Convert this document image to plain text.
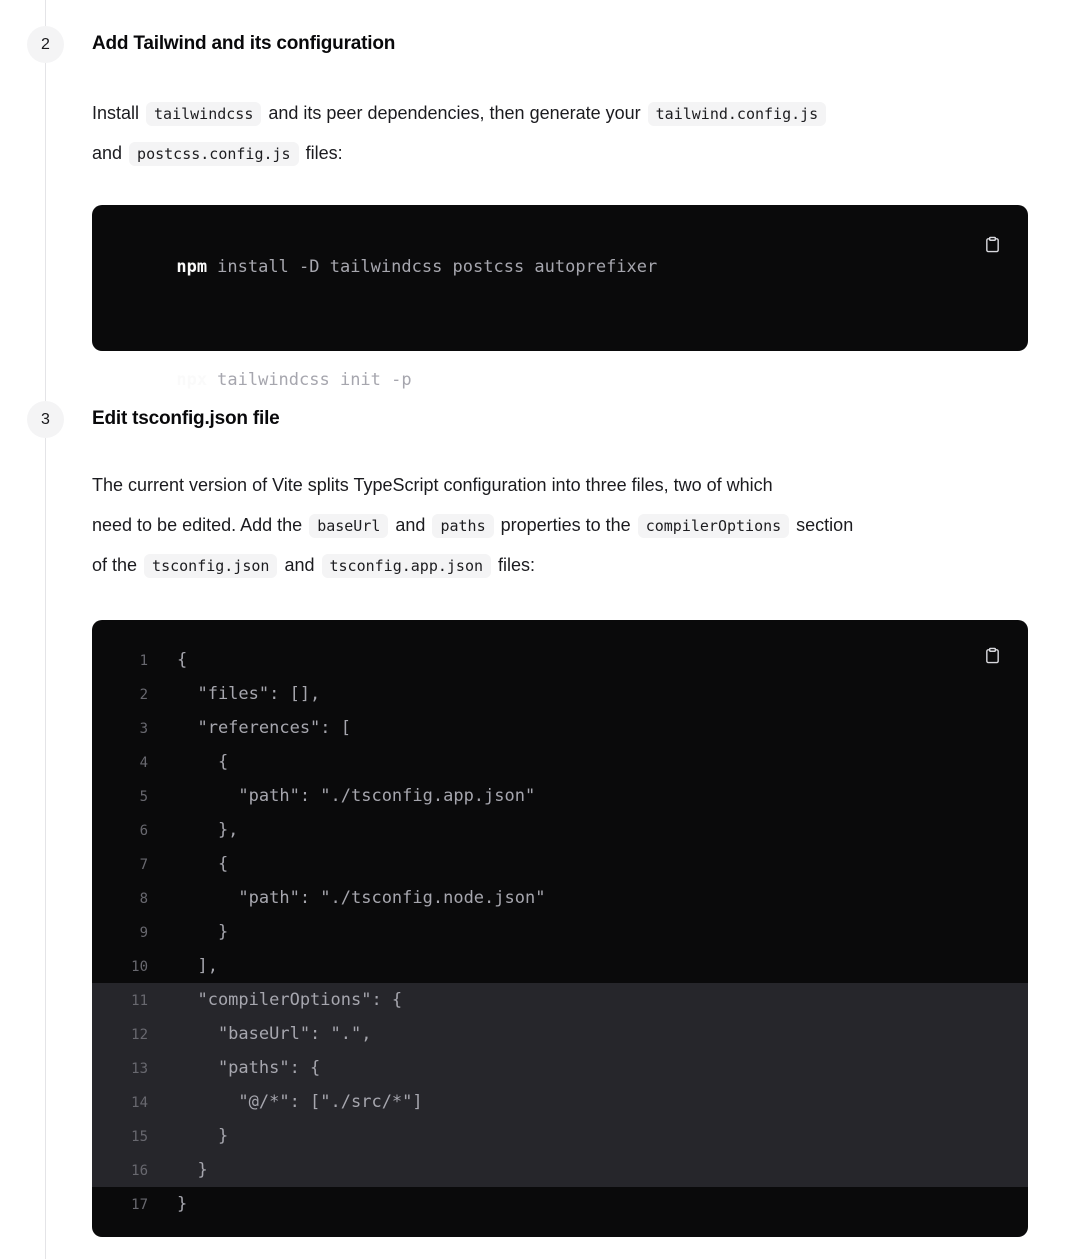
2 Add Tailwind and its configuration
Install tailwindcss and its peer dependencies, then generate your tailwind.config.js
and postcss.config.js files:

npm install -D tailwindcss postcss autoprefixer

npx tailwindcss init -p

3 Edit tsconfig.json file
The current version of Vite splits TypeScript configuration into three files, two of which
need to be edited. Add the baseUrl and paths properties to the compilerOptions section
of the tsconfig.json and tsconfig.app.json files:
1 {
2  "files": [],
3  "references": [
4    {
5      "path": "./tsconfig.app.json"
6    },
7    {
8      "path": "./tsconfig.node.json"
9    }
10  ],
11  "compilerOptions": {
12    "baseUrl": ".",
13    "paths": {
14      "@/*": ["./src/*"]
15    }
16  }
17 }
